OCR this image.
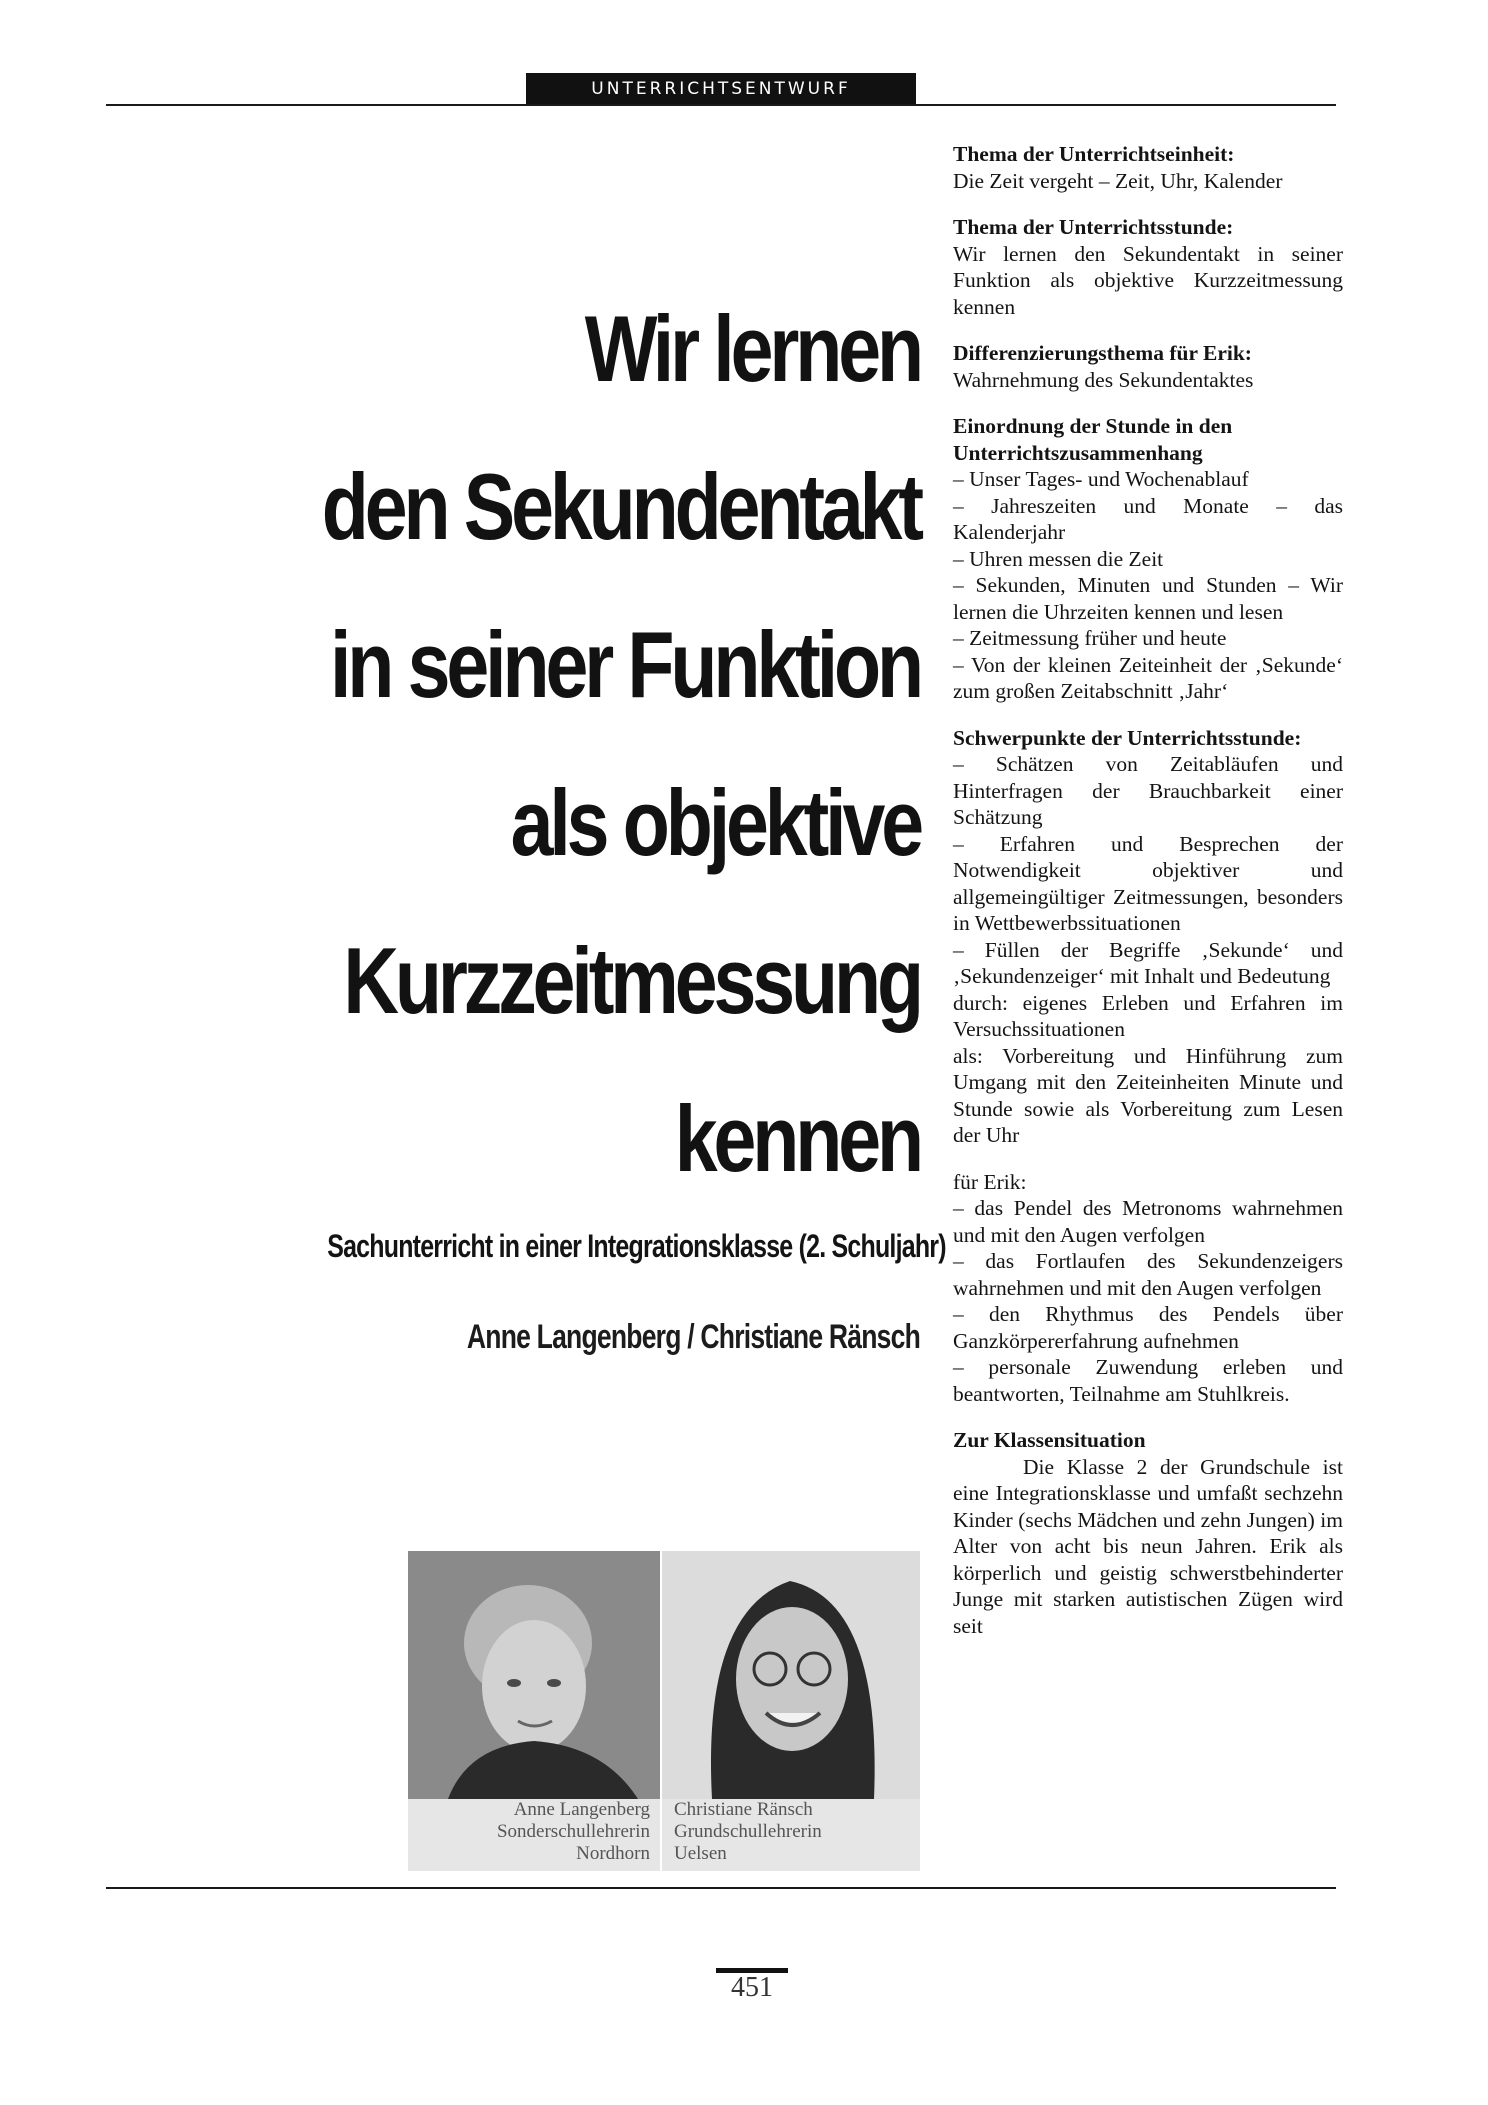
UNTERRICHTSENTWURF
Wir lernen
den Sekundentakt
in seiner Funktion
als objektive
Kurzzeitmessung
kennen
Sachunterricht in einer Integrationsklasse (2. Schuljahr)
Anne Langenberg / Christiane Ränsch
Anne Langenberg
Sonderschullehrerin
Nordhorn
Christiane Ränsch
Grundschullehrerin
Uelsen

Thema der Unterrichtseinheit:

Die Zeit vergeht – Zeit, Uhr, Kalender

Thema der Unterrichtsstunde:

Wir lernen den Sekundentakt in seiner Funktion als objektive Kurzzeitmessung kennen

Differenzierungsthema für Erik:

Wahrnehmung des Sekundentaktes

Einordnung der Stunde in den Unterrichtszusammenhang

– Unser Tages- und Wochenablauf

– Jahreszeiten und Monate – das Kalenderjahr

– Uhren messen die Zeit

– Sekunden, Minuten und Stunden – Wir lernen die Uhrzeiten kennen und lesen

– Zeitmessung früher und heute

– Von der kleinen Zeiteinheit der ‚Sekunde‘ zum großen Zeitabschnitt ‚Jahr‘

Schwerpunkte der Unterrichtsstunde:

– Schätzen von Zeitabläufen und Hinterfragen der Brauchbarkeit einer Schätzung

– Erfahren und Besprechen der Notwendigkeit objektiver und allgemeingültiger Zeitmessungen, besonders in Wettbewerbssituationen

– Füllen der Begriffe ‚Sekunde‘ und ‚Sekundenzeiger‘ mit Inhalt und Bedeutung

durch: eigenes Erleben und Erfahren im Versuchssituationen

als: Vorbereitung und Hinführung zum Umgang mit den Zeiteinheiten Minute und Stunde sowie als Vorbereitung zum Lesen der Uhr

für Erik:

– das Pendel des Metronoms wahrnehmen und mit den Augen verfolgen

– das Fortlaufen des Sekundenzeigers wahrnehmen und mit den Augen verfolgen

– den Rhythmus des Pendels über Ganzkörpererfahrung aufnehmen

– personale Zuwendung erleben und beantworten, Teilnahme am Stuhlkreis.

Zur Klassensituation

Die Klasse 2 der Grundschule ist eine Integrationsklasse und umfaßt sechzehn Kinder (sechs Mädchen und zehn Jungen) im Alter von acht bis neun Jahren. Erik als körperlich und geistig schwerstbehinderter Junge mit starken autistischen Zügen wird seit

451
